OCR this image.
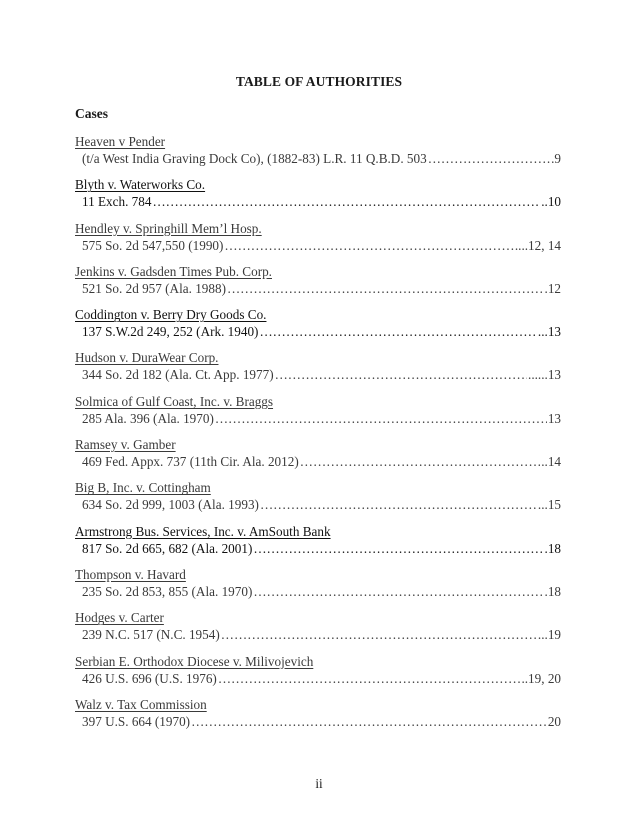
TABLE OF AUTHORITIES
Cases
Heaven v Pender
(t/a West India Graving Dock Co), (1882-83) L.R. 11 Q.B.D. 503 ……………………………………………………………………………………………………………………………………………………………………………………………………………………	.9
Blyth v. Waterworks Co.
11 Exch. 784 ……………………………………………………………………………………………………………………………………………………………………………………………………………………	..10
Hendley v. Springhill Mem’l Hosp.
575 So. 2d 547,550 (1990) ……………………………………………………………………………………………………………………………………………………………………………………………………………………	....12, 14
Jenkins v. Gadsden Times Pub. Corp.
521 So. 2d 957 (Ala. 1988) ……………………………………………………………………………………………………………………………………………………………………………………………………………………	.12
Coddington v. Berry Dry Goods Co.
137 S.W.2d 249, 252 (Ark. 1940) ……………………………………………………………………………………………………………………………………………………………………………………………………………………	...13
Hudson v. DuraWear Corp.
344 So. 2d 182 (Ala. Ct. App. 1977) ……………………………………………………………………………………………………………………………………………………………………………………………………………………	......13
Solmica of Gulf Coast, Inc. v. Braggs
285 Ala. 396 (Ala. 1970) ……………………………………………………………………………………………………………………………………………………………………………………………………………………	13
Ramsey v. Gamber
469 Fed. Appx. 737 (11th Cir. Ala. 2012) ……………………………………………………………………………………………………………………………………………………………………………………………………………………	..14
Big B, Inc. v. Cottingham
634 So. 2d 999, 1003 (Ala. 1993) ……………………………………………………………………………………………………………………………………………………………………………………………………………………	...15
Armstrong Bus. Services, Inc. v. AmSouth Bank
817 So. 2d 665, 682 (Ala. 2001) ……………………………………………………………………………………………………………………………………………………………………………………………………………………	.18
Thompson v. Havard
235 So. 2d 853, 855 (Ala. 1970) ……………………………………………………………………………………………………………………………………………………………………………………………………………………	.18
Hodges v. Carter
239 N.C. 517 (N.C. 1954) ……………………………………………………………………………………………………………………………………………………………………………………………………………………	...19
Serbian E. Orthodox Diocese v. Milivojevich
426 U.S. 696 (U.S. 1976) ……………………………………………………………………………………………………………………………………………………………………………………………………………………	..19, 20
Walz v. Tax Commission
397 U.S. 664 (1970) ……………………………………………………………………………………………………………………………………………………………………………………………………………………	20
ii
